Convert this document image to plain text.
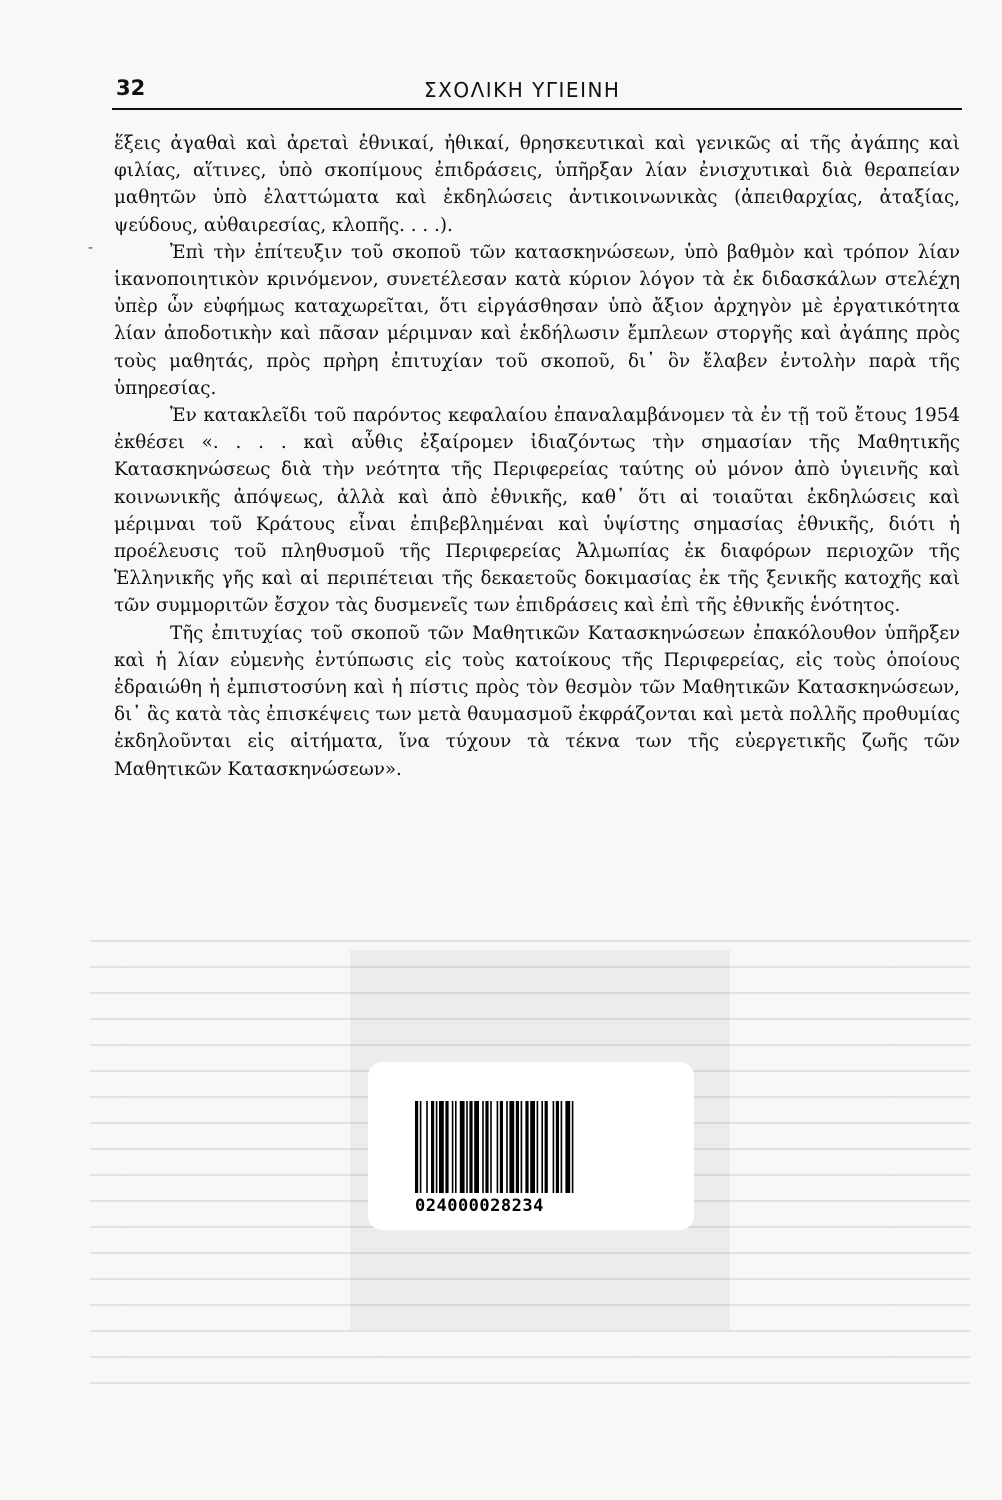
32	ΣΧΟΛΙΚΗ ΥΓΙΕΙΝΗ
-

ἕξεις ἀγαθαὶ καὶ ἀρεταὶ ἐθνικαί, ἠθικαί, θρησκευτικαὶ καὶ γενικῶς αἱ τῆς ἀγάπης καὶ φιλίας, αἵτινες, ὑπὸ σκοπίμους ἐπιδράσεις, ὑπῆρξαν λίαν ἐνισχυτικαὶ διὰ θεραπείαν μαθητῶν ὑπὸ ἐλαττώματα καὶ ἐκδηλώσεις ἀντικοινωνικὰς (ἀπειθαρχίας, ἀταξίας, ψεύδους, αὐθαιρεσίας, κλοπῆς. . . .).

Ἐπὶ τὴν ἐπίτευξιν τοῦ σκοποῦ τῶν κατασκηνώσεων, ὑπὸ βαθμὸν καὶ τρόπον λίαν ἱκανοποιητικὸν κρινόμενον, συνετέλεσαν κατὰ κύριον λόγον τὰ ἐκ διδασκάλων στελέχη ὑπὲρ ὧν εὐφήμως καταχωρεῖται, ὅτι εἰργάσθησαν ὑπὸ ἄξιον ἀρχηγὸν μὲ ἐργατικότητα λίαν ἀποδοτικὴν καὶ πᾶσαν μέριμναν καὶ ἐκδήλωσιν ἔμπλεων στοργῆς καὶ ἀγάπης πρὸς τοὺς μαθητάς, πρὸς πρὴρη ἐπιτυχίαν τοῦ σκοποῦ, δι᾽ ὃν ἔλαβεν ἐντολὴν παρὰ τῆς ὑπηρεσίας.

Ἐν κατακλεῖδι τοῦ παρόντος κεφαλαίου ἐπαναλαμβάνομεν τὰ ἐν τῇ τοῦ ἔτους 1954 ἐκθέσει «. . . . καὶ αὖθις ἐξαίρομεν ἰδιαζόντως τὴν σημασίαν τῆς Μαθητικῆς Κατασκηνώσεως διὰ τὴν νεότητα τῆς Περιφερείας ταύτης οὐ μόνον ἀπὸ ὑγιεινῆς καὶ κοινωνικῆς ἀπόψεως, ἀλλὰ καὶ ἀπὸ ἐθνικῆς, καθ᾽ ὅτι αἱ τοιαῦται ἐκδηλώσεις καὶ μέριμναι τοῦ Κράτους εἶναι ἐπιβεβλημέναι καὶ ὑψίστης σημασίας ἐθνικῆς, διότι ἡ προέλευσις τοῦ πληθυσμοῦ τῆς Περιφερείας Ἀλμωπίας ἐκ διαφόρων περιοχῶν τῆς Ἑλληνικῆς γῆς καὶ αἱ περιπέτειαι τῆς δεκαετοῦς δοκιμασίας ἐκ τῆς ξενικῆς κατοχῆς καὶ τῶν συμμοριτῶν ἔσχον τὰς δυσμενεῖς των ἐπιδράσεις καὶ ἐπὶ τῆς ἐθνικῆς ἑνότητος.

Τῆς ἐπιτυχίας τοῦ σκοποῦ τῶν Μαθητικῶν Κατασκηνώσεων ἐπακόλουθον ὑπῆρξεν καὶ ἡ λίαν εὐμενὴς ἐντύπωσις εἰς τοὺς κατοίκους τῆς Περιφερείας, εἰς τοὺς ὁποίους ἑδραιώθη ἡ ἐμπιστοσύνη καὶ ἡ πίστις πρὸς τὸν θεσμὸν τῶν Μαθητικῶν Κατασκηνώσεων, δι᾽ ἃς κατὰ τὰς ἐπισκέψεις των μετὰ θαυμασμοῦ ἐκφράζονται καὶ μετὰ πολλῆς προθυμίας ἐκδηλοῦνται εἰς αἰτήματα, ἵνα τύχουν τὰ τέκνα των τῆς εὐεργετικῆς ζωῆς τῶν Μαθητικῶν Κατασκηνώσεων».

024000028234
